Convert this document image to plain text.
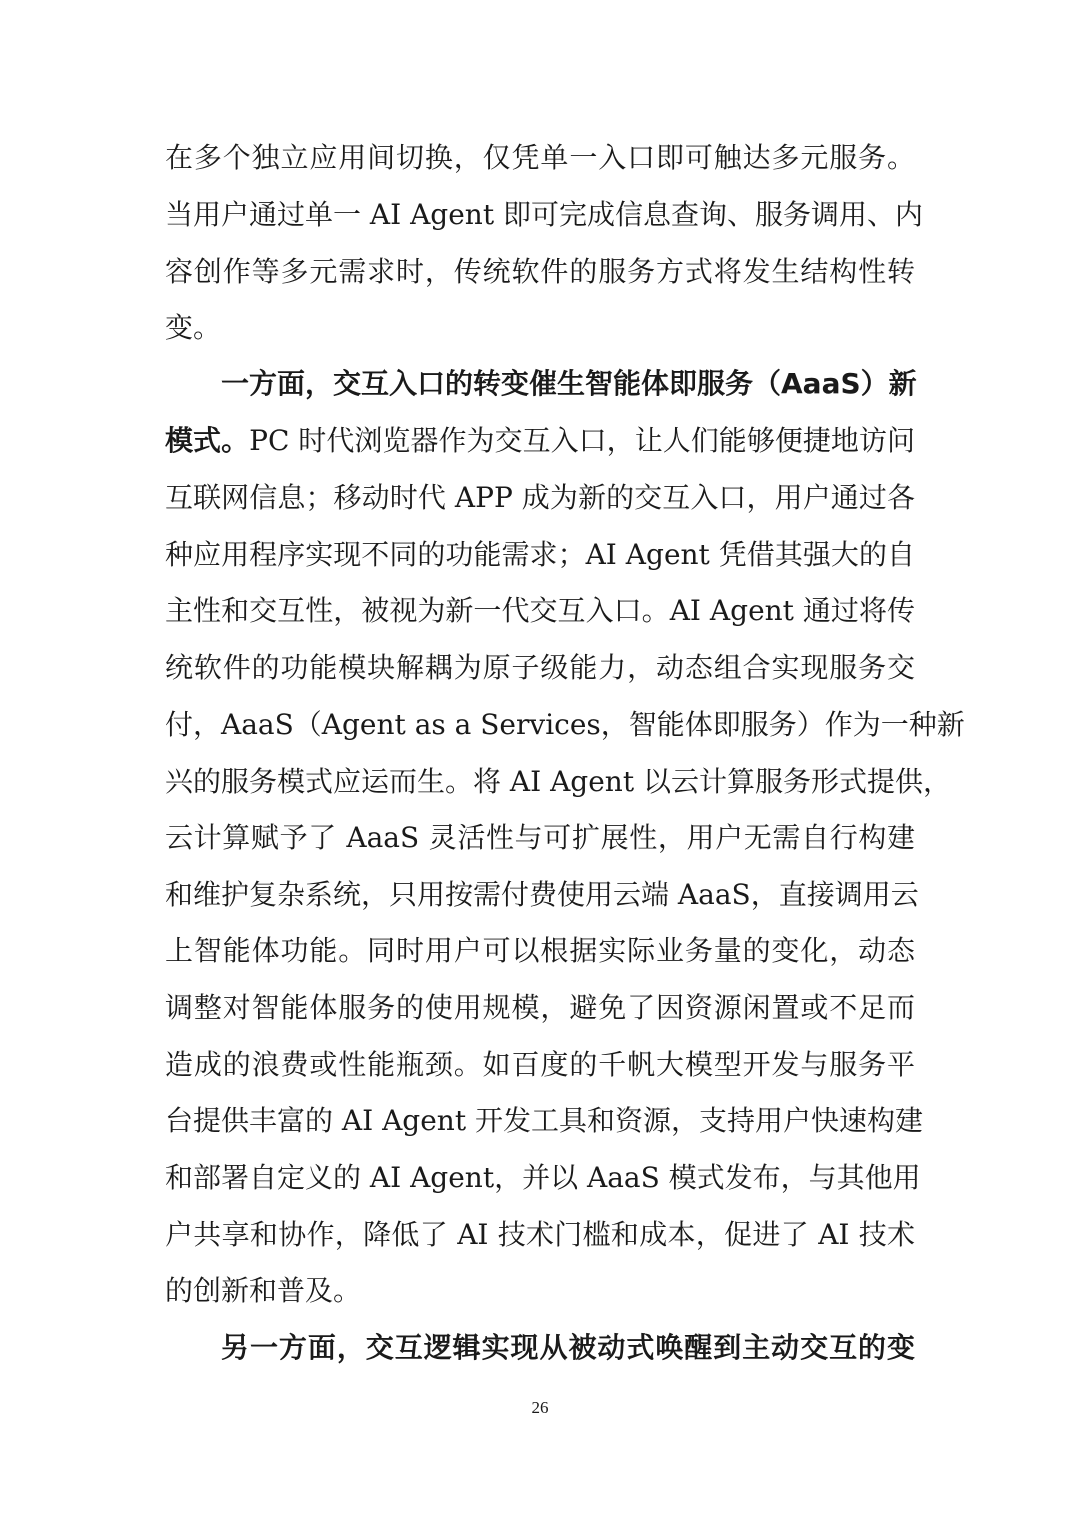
在多个独立应用间切换，仅凭单一入口即可触达多元服务。
当用户通过单一 AI Agent 即可完成信息查询、服务调用、内
容创作等多元需求时，传统软件的服务方式将发生结构性转
变。
一方面，交互入口的转变催生智能体即服务（AaaS）新
模式。PC 时代浏览器作为交互入口，让人们能够便捷地访问
互联网信息；移动时代 APP 成为新的交互入口，用户通过各
种应用程序实现不同的功能需求；AI Agent 凭借其强大的自
主性和交互性，被视为新一代交互入口。AI Agent 通过将传
统软件的功能模块解耦为原子级能力，动态组合实现服务交
付，AaaS（Agent as a Services，智能体即服务）作为一种新
兴的服务模式应运而生。将 AI Agent 以云计算服务形式提供，
云计算赋予了 AaaS 灵活性与可扩展性，用户无需自行构建
和维护复杂系统，只用按需付费使用云端 AaaS，直接调用云
上智能体功能。同时用户可以根据实际业务量的变化，动态
调整对智能体服务的使用规模，避免了因资源闲置或不足而
造成的浪费或性能瓶颈。如百度的千帆大模型开发与服务平
台提供丰富的 AI Agent 开发工具和资源，支持用户快速构建
和部署自定义的 AI Agent，并以 AaaS 模式发布，与其他用
户共享和协作，降低了 AI 技术门槛和成本，促进了 AI 技术
的创新和普及。
另一方面，交互逻辑实现从被动式唤醒到主动交互的变
26
